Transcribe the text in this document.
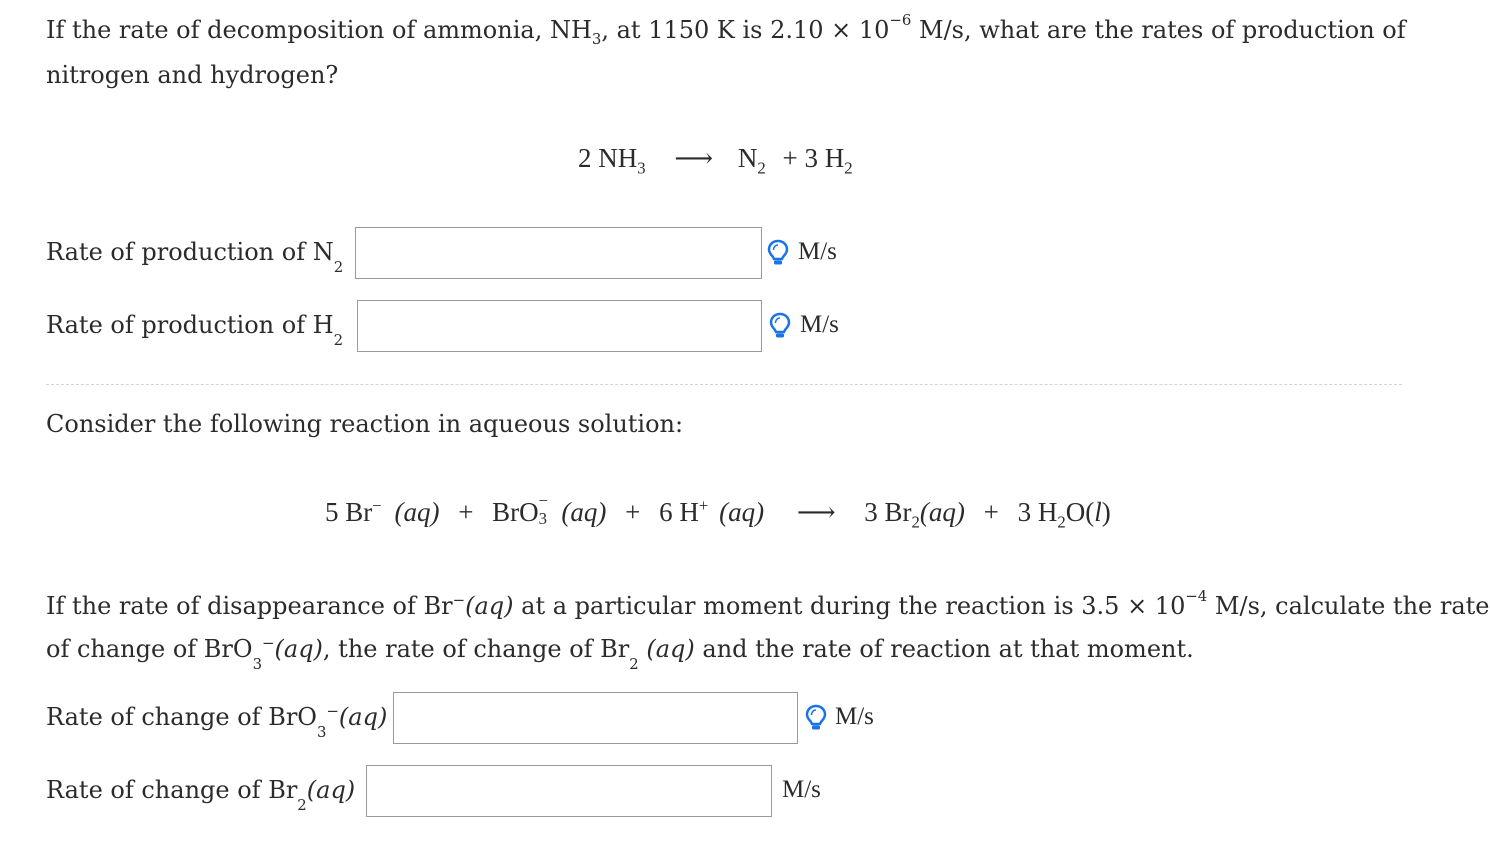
If the rate of decomposition of ammonia, $NH_3$, at 1150 K is $2.10 \times 10^{-6}$ M/s, what are the rates of production of
nitrogen and hydrogen?
2 $NH_3$ ⟶ $N_2 + 3$ $H_2$
Rate of production of $N_2$
M/s
Rate of production of $H_2$
M/s
Consider the following reaction in aqueous solution:
5 Br− (aq) + BrO −
3 (aq) + 6 H+ (aq) ⟶ 3 $Br_2(aq) + 3$ $H_2O(l)$
If the rate of disappearance of Br−(aq) at a particular moment during the reaction is $3.5 \times 10^{-4}$ M/s, calculate the rate
of change of BrO$_3$−(aq), the rate of change of $Br_2$ (aq) and the rate of reaction at that moment.
Rate of change of BrO$_3$−(aq)	M/s
Rate of change of $Br_2(aq)$	M/s
